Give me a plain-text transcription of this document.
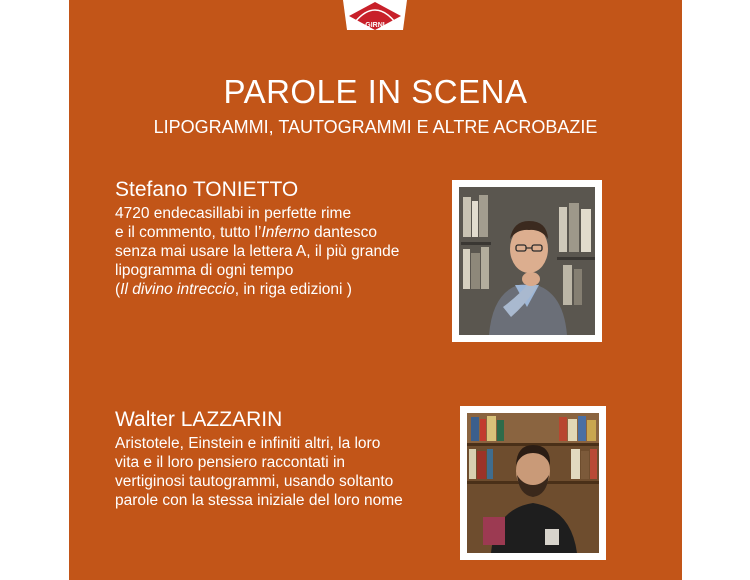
GIRNI
PAROLE IN SCENA
LIPOGRAMMI, TAUTOGRAMMI E ALTRE ACROBAZIE
Stefano TONIETTO
4720 endecasillabi in perfette rime
e il commento, tutto l’Inferno dantesco
senza mai usare la lettera A, il più grande
lipogramma di ogni tempo
(Il divino intreccio, in riga edizioni )
Walter LAZZARIN
Aristotele, Einstein e infiniti altri, la loro
vita e il loro pensiero raccontati in
vertiginosi tautogrammi, usando soltanto
parole con la stessa iniziale del loro nome
